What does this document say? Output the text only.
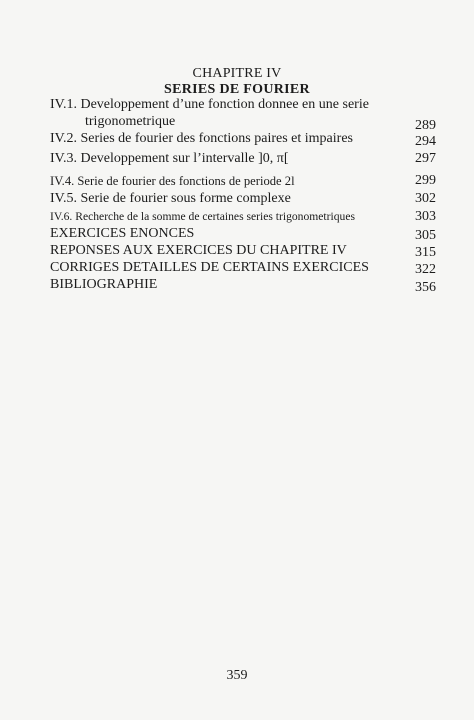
CHAPITRE IV
SERIES DE FOURIER
IV.1. Developpement d’une fonction donnee en une serie
trigonometrique	289
IV.2. Series de fourier des fonctions paires et impaires	294
IV.3. Developpement sur l’intervalle ]0, π[	297
IV.4. Serie de fourier des fonctions de periode 2l	299
IV.5. Serie de fourier sous forme complexe	302
IV.6. Recherche de la somme de certaines series trigonometriques	303
EXERCICES ENONCES	305
REPONSES AUX EXERCICES DU CHAPITRE IV	315
CORRIGES DETAILLES DE CERTAINS EXERCICES	322
BIBLIOGRAPHIE	356
359
